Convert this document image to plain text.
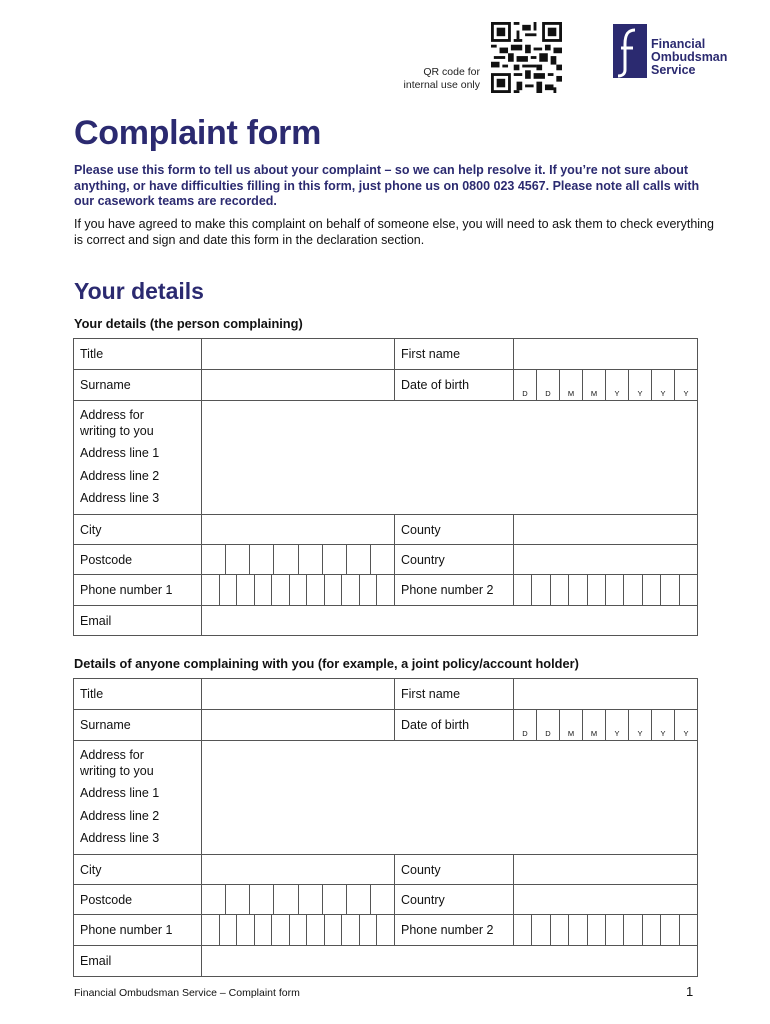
QR code for
internal use only
Financial
Ombudsman
Service
Complaint form
Please use this form to tell us about your complaint – so we can help resolve it. If you’re not sure about anything, or have difficulties filling in this form, just phone us on 0800 023 4567. Please note all calls with our casework teams are recorded.
If you have agreed to make this complaint on behalf of someone else, you will need to ask them to check everything is correct and sign and date this form in the declaration section.
Your details
Your details (the person complaining)
Title	First name
Surname	Date of birth
D	D	M	M	Y	Y	Y	Y
Address for
writing to you
Address line 1
Address line 2
Address line 3
City	County
Postcode	Country
Phone number 1	Phone number 2
Email
Details of anyone complaining with you (for example, a joint policy/account holder)
Title	First name
Surname	Date of birth
D	D	M	M	Y	Y	Y	Y
Address for
writing to you
Address line 1
Address line 2
Address line 3
City	County
Postcode	Country
Phone number 1	Phone number 2
Email
Financial Ombudsman Service – Complaint form	1
